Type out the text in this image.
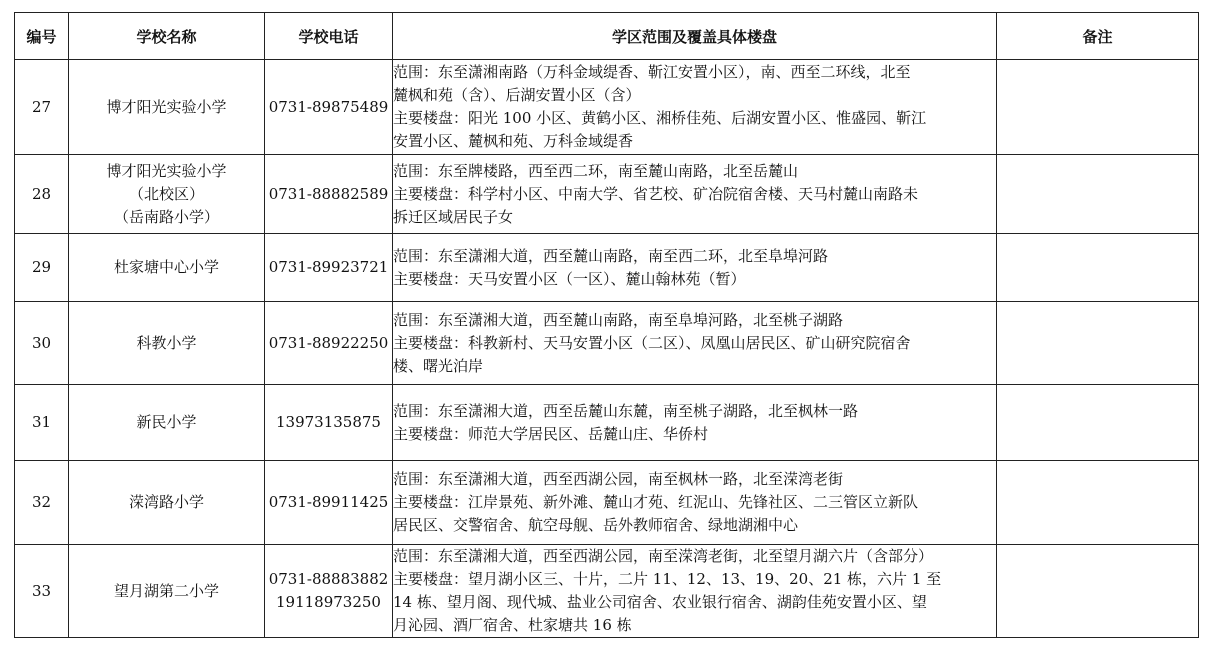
编号	学校名称	学校电话	学区范围及覆盖具体楼盘	备注
27	博才阳光实验小学	0731-89875489	范围：东至潇湘南路（万科金域缇香、靳江安置小区），南、西至二环线，北至
麓枫和苑（含）、后湖安置小区（含）
主要楼盘：阳光 100 小区、黄鹤小区、湘桥佳苑、后湖安置小区、惟盛园、靳江
安置小区、麓枫和苑、万科金域缇香	

28	博才阳光实验小学
（北校区）
（岳南路小学）	0731-88882589	范围：东至牌楼路，西至西二环，南至麓山南路，北至岳麓山
主要楼盘：科学村小区、中南大学、省艺校、矿冶院宿舍楼、天马村麓山南路未
拆迁区域居民子女	

29	杜家塘中心小学	0731-89923721	范围：东至潇湘大道，西至麓山南路，南至西二环，北至阜埠河路
主要楼盘：天马安置小区（一区）、麓山翰林苑（暂）	

30	科教小学	0731-88922250	范围：东至潇湘大道，西至麓山南路，南至阜埠河路，北至桃子湖路
主要楼盘：科教新村、天马安置小区（二区）、凤凰山居民区、矿山研究院宿舍
楼、曙光泊岸	

31	新民小学	13973135875	范围：东至潇湘大道，西至岳麓山东麓，南至桃子湖路，北至枫林一路
主要楼盘：师范大学居民区、岳麓山庄、华侨村	

32	溁湾路小学	0731-89911425	范围：东至潇湘大道，西至西湖公园，南至枫林一路，北至溁湾老街
主要楼盘：江岸景苑、新外滩、麓山才苑、红泥山、先锋社区、二三管区立新队
居民区、交警宿舍、航空母舰、岳外教师宿舍、绿地湖湘中心	

33	望月湖第二小学	0731-88883882
19118973250	范围：东至潇湘大道，西至西湖公园，南至溁湾老街，北至望月湖六片（含部分）
主要楼盘：望月湖小区三、十片，二片 11、12、13、19、20、21 栋，六片 1 至
14 栋、望月阁、现代城、盐业公司宿舍、农业银行宿舍、湖韵佳苑安置小区、望
月沁园、酒厂宿舍、杜家塘共 16 栋	
